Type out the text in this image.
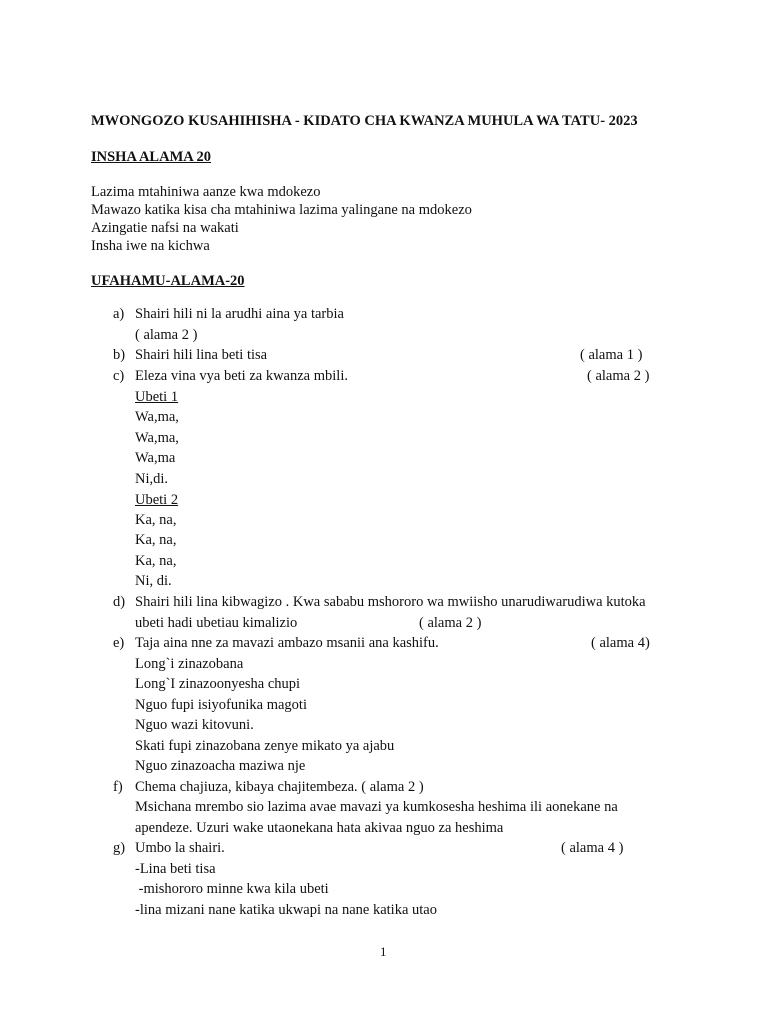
MWONGOZO KUSAHIHISHA - KIDATO CHA KWANZA MUHULA WA TATU- 2023
INSHA ALAMA 20
Lazima mtahiniwa aanze kwa mdokezo
Mawazo katika kisa cha mtahiniwa lazima yalingane na mdokezo
Azingatie nafsi na wakati
Insha iwe na kichwa
UFAHAMU-ALAMA-20
a) Shairi hili ni la arudhi aina ya tarbia
( alama 2 )
b) Shairi hili lina beti tisa	( alama 1 )
c) Eleza vina vya beti za kwanza mbili.	( alama 2 )
Ubeti 1
Wa,ma,
Wa,ma,
Wa,ma
Ni,di.
Ubeti 2
Ka, na,
Ka, na,
Ka, na,
Ni, di.
d) Shairi hili lina kibwagizo . Kwa sababu mshororo wa mwiisho unarudiwarudiwa kutoka
ubeti hadi ubetiau kimalizio	( alama 2 )
e) Taja aina nne za mavazi ambazo msanii ana kashifu.	( alama 4)
Long`i zinazobana
Long`I zinazoonyesha chupi
Nguo fupi isiyofunika magoti
Nguo wazi kitovuni.
Skati fupi zinazobana zenye mikato ya ajabu
Nguo zinazoacha maziwa nje
f) Chema chajiuza, kibaya chajitembeza. ( alama 2 )
Msichana mrembo sio lazima avae mavazi ya kumkosesha heshima ili aonekane na
apendeze. Uzuri wake utaonekana hata akivaa nguo za heshima
g) Umbo la shairi.	( alama 4 )
-Lina beti tisa
-mishororo minne kwa kila ubeti
-lina mizani nane katika ukwapi na nane katika utao
1
